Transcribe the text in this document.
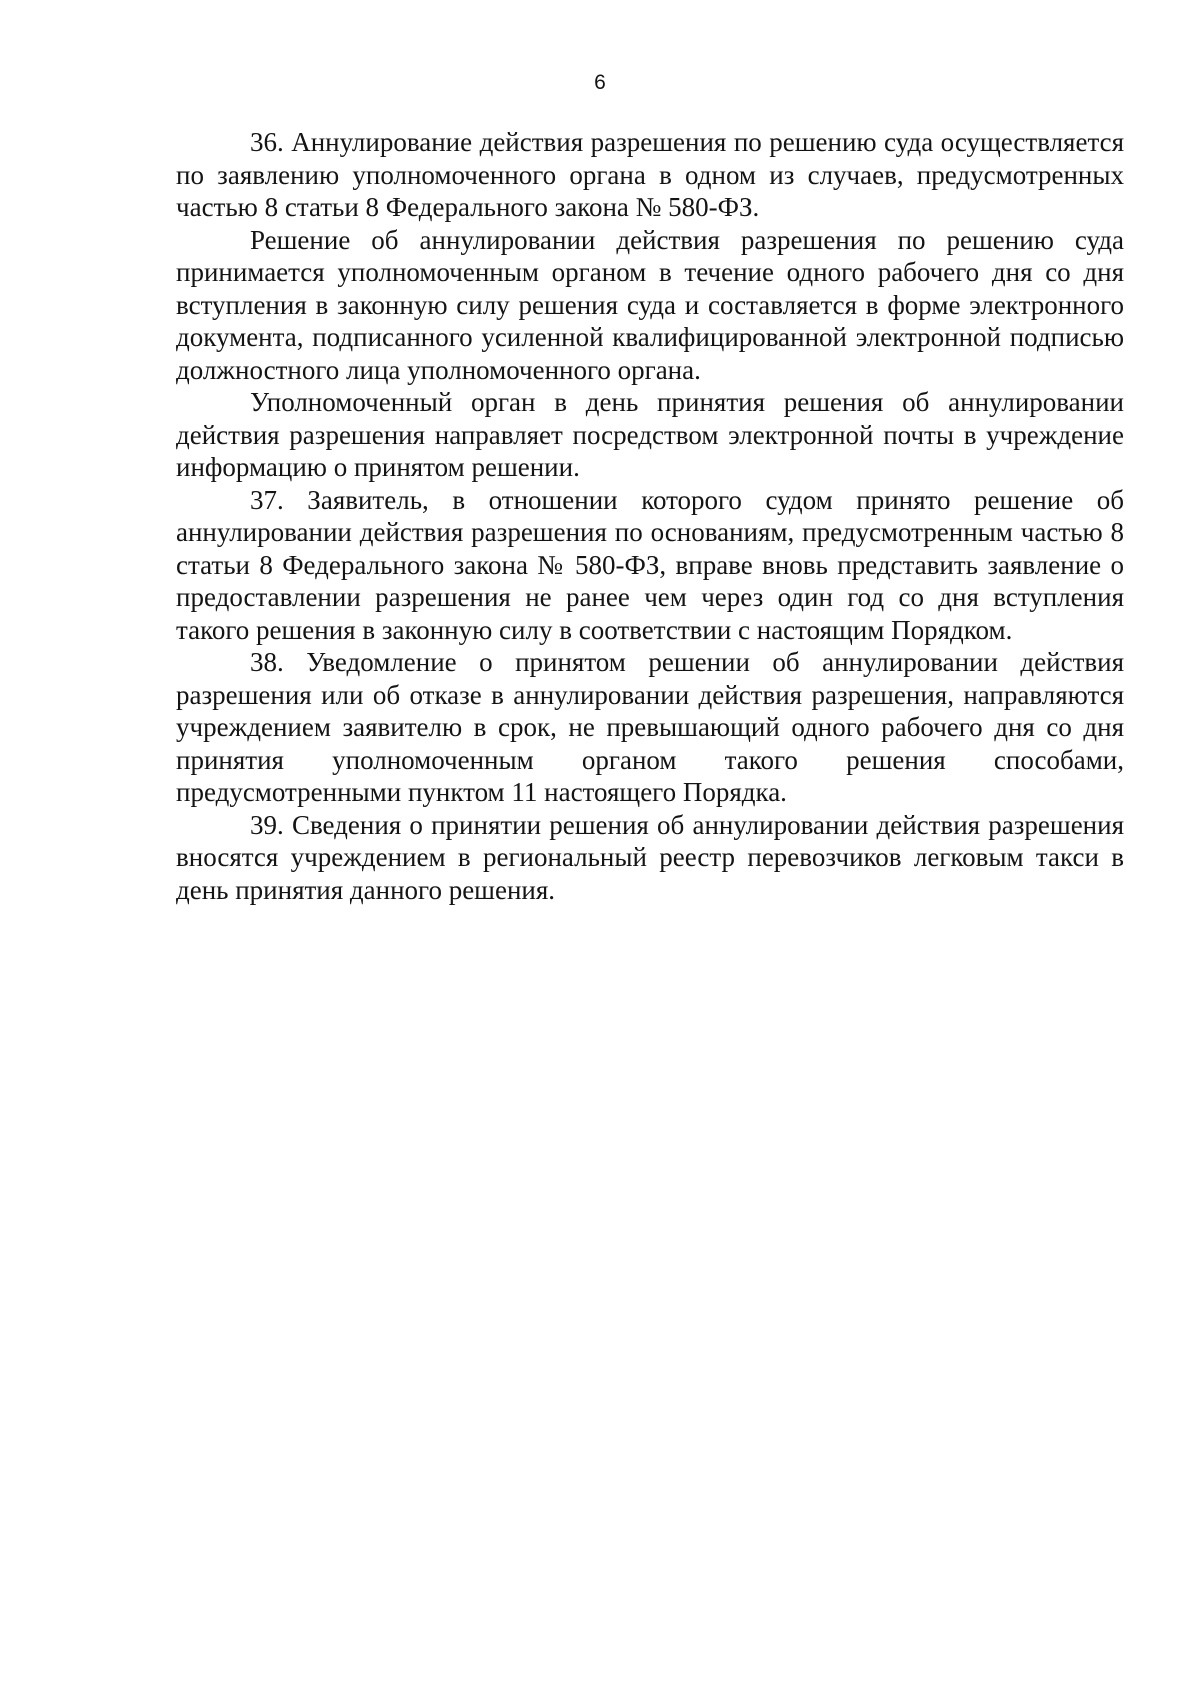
6

36. Аннулирование действия разрешения по решению суда осуществляется по заявлению уполномоченного органа в одном из случаев, предусмотренных частью 8 статьи 8 Федерального закона № 580-ФЗ.

Решение об аннулировании действия разрешения по решению суда принимается уполномоченным органом в течение одного рабочего дня со дня вступления в законную силу решения суда и составляется в форме электронного документа, подписанного усиленной квалифицированной электронной подписью должностного лица уполномоченного органа.

Уполномоченный орган в день принятия решения об аннулировании действия разрешения направляет посредством электронной почты в учреждение информацию о принятом решении.

37. Заявитель, в отношении которого судом принято решение об аннулировании действия разрешения по основаниям, предусмотренным частью 8 статьи 8 Федерального закона № 580-ФЗ, вправе вновь представить заявление о предоставлении разрешения не ранее чем через один год со дня вступления такого решения в законную силу в соответствии с настоящим Порядком.

38. Уведомление о принятом решении об аннулировании действия разрешения или об отказе в аннулировании действия разрешения, направляются учреждением заявителю в срок, не превышающий одного рабочего дня со дня принятия уполномоченным органом такого решения способами, предусмотренными пунктом 11 настоящего Порядка.

39. Сведения о принятии решения об аннулировании действия разрешения вносятся учреждением в региональный реестр перевозчиков легковым такси в день принятия данного решения.
